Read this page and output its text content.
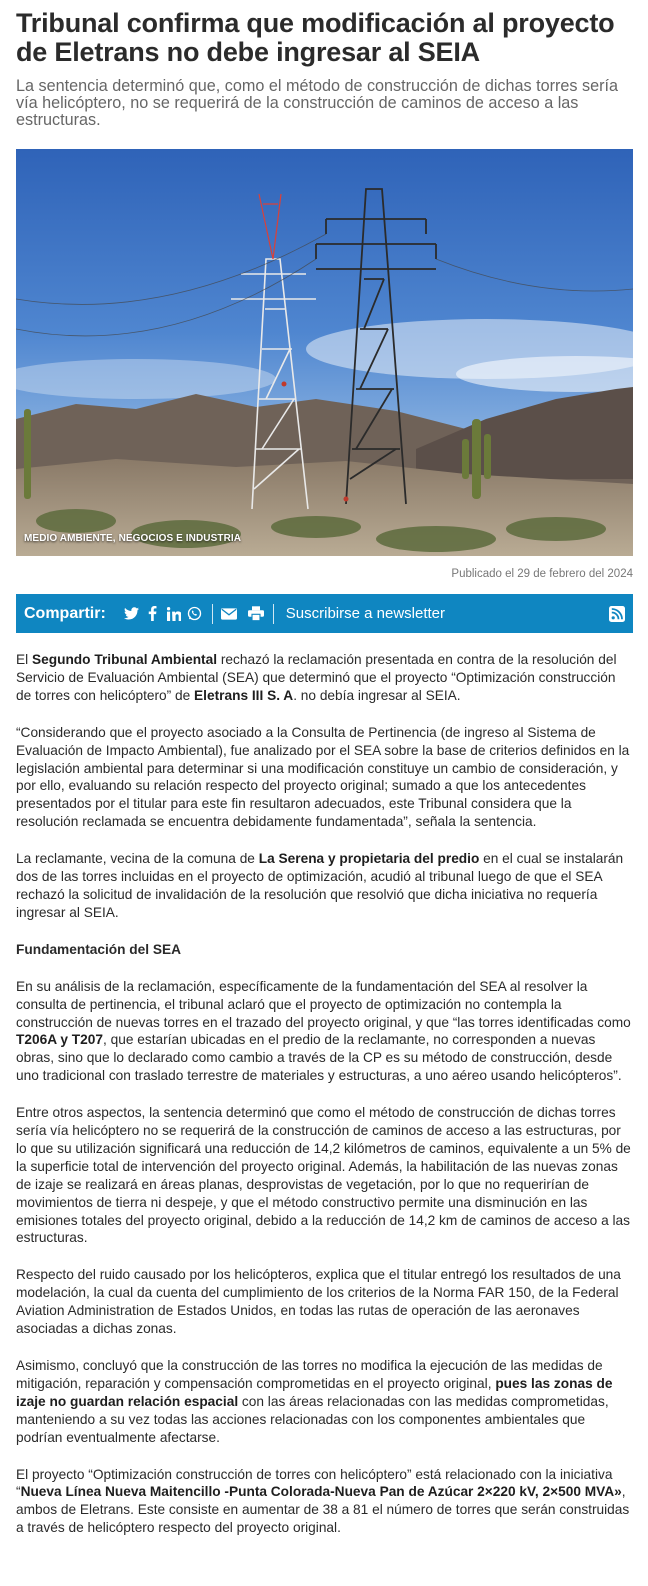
Tribunal confirma que modificación al proyecto de Eletrans no debe ingresar al SEIA

La sentencia determinó que, como el método de construcción de dichas torres sería vía helicóptero, no se requerirá de la construcción de caminos de acceso a las estructuras.

MEDIO AMBIENTE, NEGOCIOS E INDUSTRIA
Publicado el 29 de febrero del 2024
Compartir:	Suscribirse a newsletter

El Segundo Tribunal Ambiental rechazó la reclamación presentada en contra de la resolución del Servicio de Evaluación Ambiental (SEA) que determinó que el proyecto “Optimización construcción de torres con helicóptero” de Eletrans III S. A. no debía ingresar al SEIA.

“Considerando que el proyecto asociado a la Consulta de Pertinencia (de ingreso al Sistema de Evaluación de Impacto Ambiental), fue analizado por el SEA sobre la base de criterios definidos en la legislación ambiental para determinar si una modificación constituye un cambio de consideración, y por ello, evaluando su relación respecto del proyecto original; sumado a que los antecedentes presentados por el titular para este fin resultaron adecuados, este Tribunal considera que la resolución reclamada se encuentra debidamente fundamentada”, señala la sentencia.

La reclamante, vecina de la comuna de La Serena y propietaria del predio en el cual se instalarán dos de las torres incluidas en el proyecto de optimización, acudió al tribunal luego de que el SEA rechazó la solicitud de invalidación de la resolución que resolvió que dicha iniciativa no requería ingresar al SEIA.

Fundamentación del SEA

En su análisis de la reclamación, específicamente de la fundamentación del SEA al resolver la consulta de pertinencia, el tribunal aclaró que el proyecto de optimización no contempla la construcción de nuevas torres en el trazado del proyecto original, y que “las torres identificadas como T206A y T207, que estarían ubicadas en el predio de la reclamante, no corresponden a nuevas obras, sino que lo declarado como cambio a través de la CP es su método de construcción, desde uno tradicional con traslado terrestre de materiales y estructuras, a uno aéreo usando helicópteros”.

Entre otros aspectos, la sentencia determinó que como el método de construcción de dichas torres sería vía helicóptero no se requerirá de la construcción de caminos de acceso a las estructuras, por lo que su utilización significará una reducción de 14,2 kilómetros de caminos, equivalente a un 5% de la superficie total de intervención del proyecto original. Además, la habilitación de las nuevas zonas de izaje se realizará en áreas planas, desprovistas de vegetación, por lo que no requerirían de movimientos de tierra ni despeje, y que el método constructivo permite una disminución en las emisiones totales del proyecto original, debido a la reducción de 14,2 km de caminos de acceso a las estructuras.

Respecto del ruido causado por los helicópteros, explica que el titular entregó los resultados de una modelación, la cual da cuenta del cumplimiento de los criterios de la Norma FAR 150, de la Federal Aviation Administration de Estados Unidos, en todas las rutas de operación de las aeronaves asociadas a dichas zonas.

Asimismo, concluyó que la construcción de las torres no modifica la ejecución de las medidas de mitigación, reparación y compensación comprometidas en el proyecto original, pues las zonas de izaje no guardan relación espacial con las áreas relacionadas con las medidas comprometidas, manteniendo a su vez todas las acciones relacionadas con los componentes ambientales que podrían eventualmente afectarse.

El proyecto “Optimización construcción de torres con helicóptero” está relacionado con la iniciativa “Nueva Línea Nueva Maitencillo -Punta Colorada-Nueva Pan de Azúcar 2×220 kV, 2×500 MVA», ambos de Eletrans. Este consiste en aumentar de 38 a 81 el número de torres que serán construidas a través de helicóptero respecto del proyecto original.
